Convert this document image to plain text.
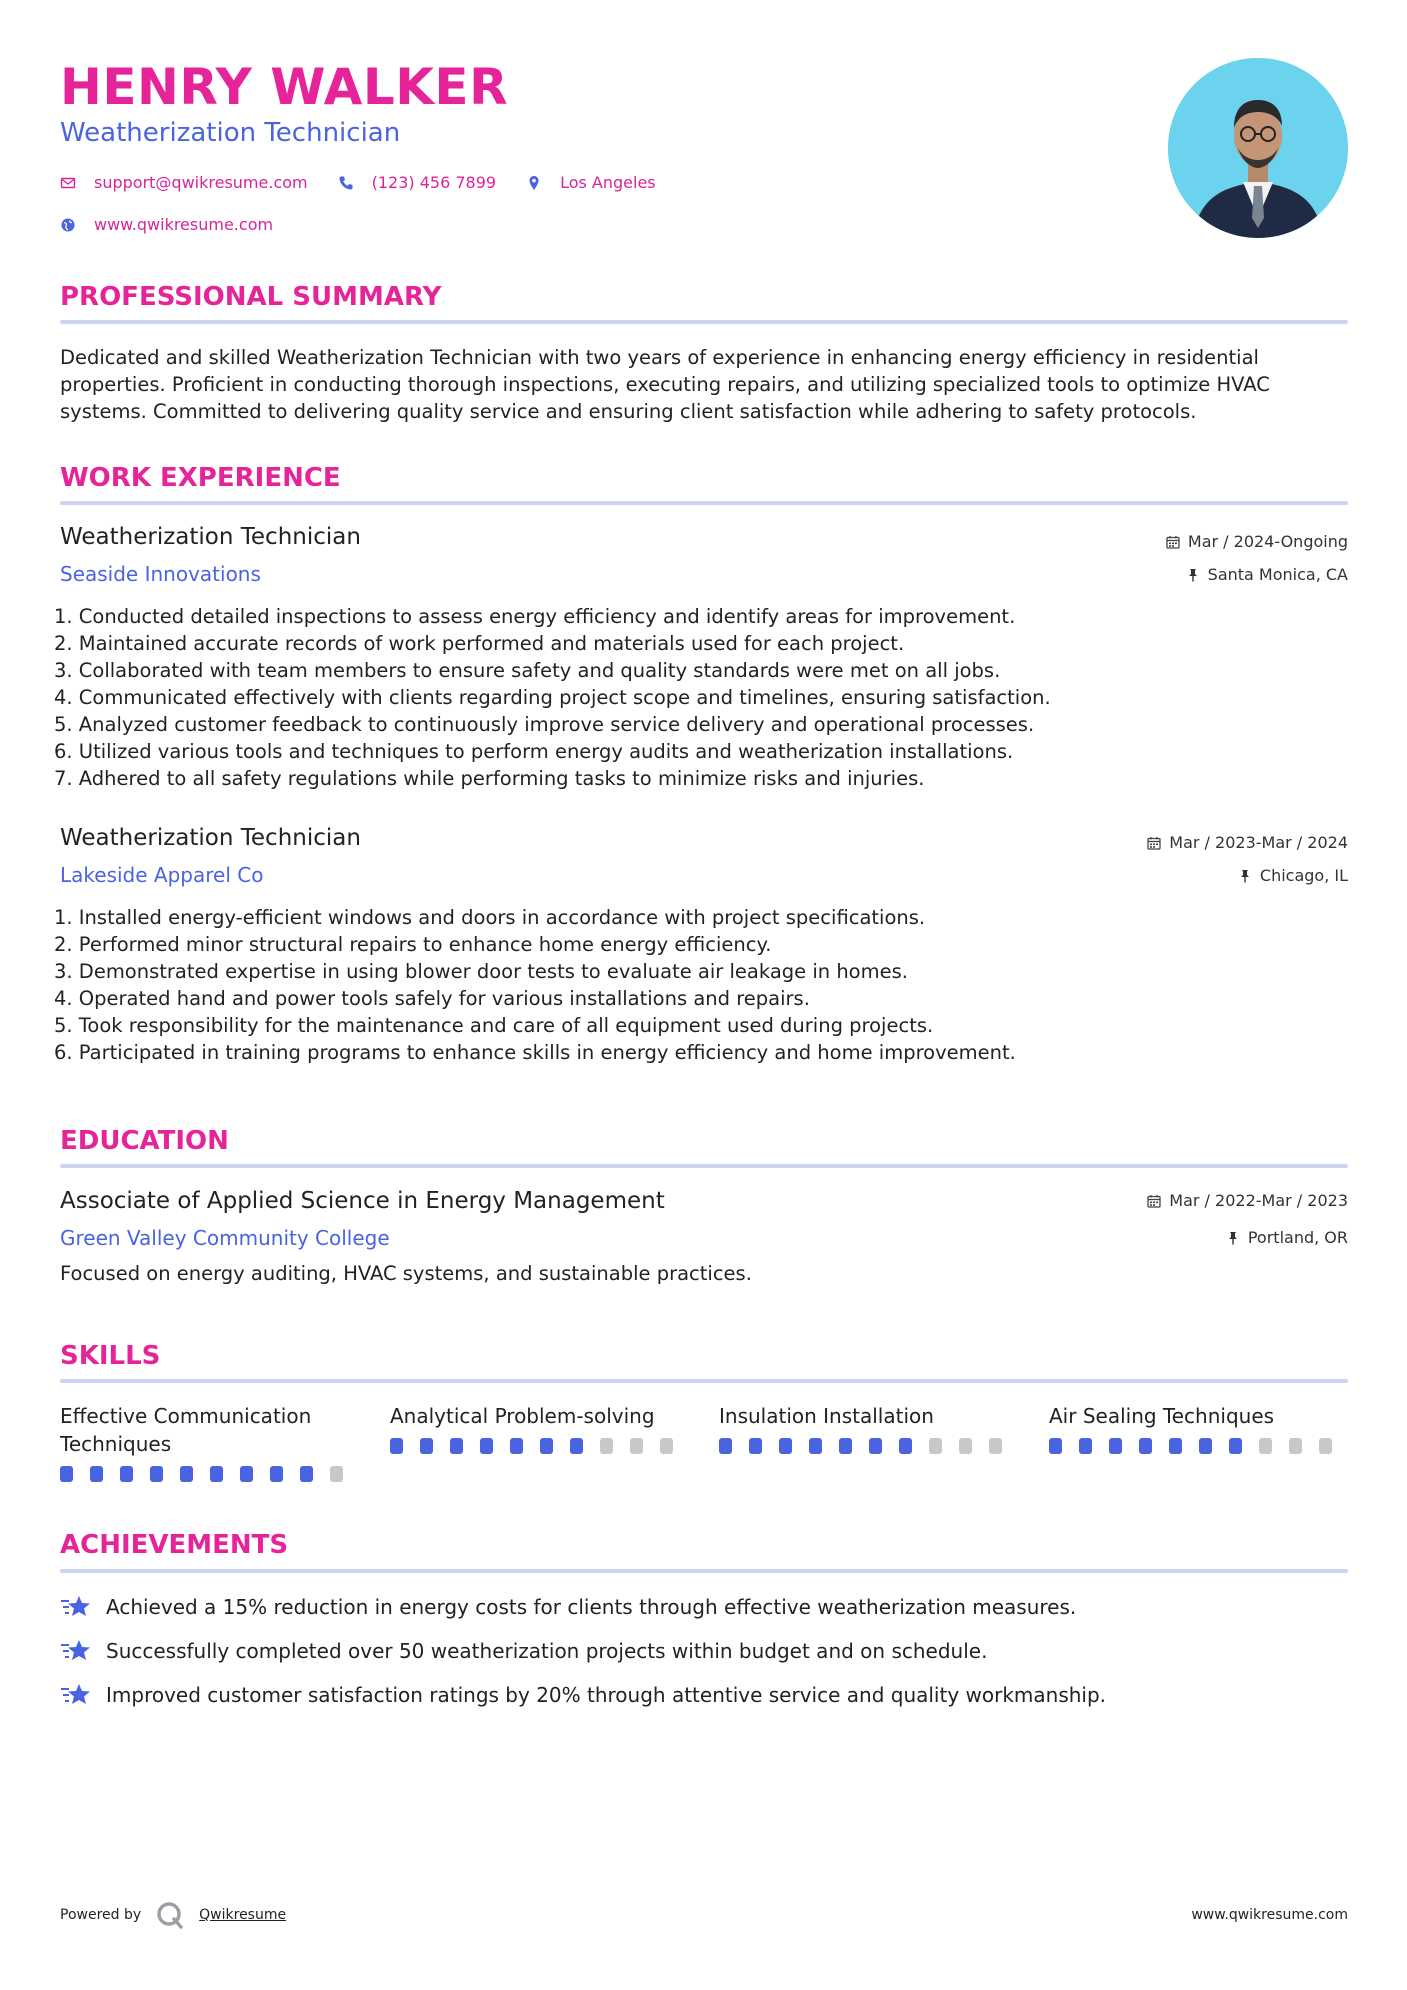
HENRY WALKER
Weatherization Technician
support@qwikresume.com	(123) 456 7899	Los Angeles
www.qwikresume.com
PROFESSIONAL SUMMARY
Dedicated and skilled Weatherization Technician with two years of experience in enhancing energy efficiency in residential properties. Proficient in conducting thorough inspections, executing repairs, and utilizing specialized tools to optimize HVAC systems. Committed to delivering quality service and ensuring client satisfaction while adhering to safety protocols.
WORK EXPERIENCE
Weatherization Technician
Seaside Innovations
Mar / 2024-Ongoing
Santa Monica, CA
1. Conducted detailed inspections to assess energy efficiency and identify areas for improvement.
2. Maintained accurate records of work performed and materials used for each project.
3. Collaborated with team members to ensure safety and quality standards were met on all jobs.
4. Communicated effectively with clients regarding project scope and timelines, ensuring satisfaction.
5. Analyzed customer feedback to continuously improve service delivery and operational processes.
6. Utilized various tools and techniques to perform energy audits and weatherization installations.
7. Adhered to all safety regulations while performing tasks to minimize risks and injuries.
Weatherization Technician
Lakeside Apparel Co
Mar / 2023-Mar / 2024
Chicago, IL
1. Installed energy-efficient windows and doors in accordance with project specifications.
2. Performed minor structural repairs to enhance home energy efficiency.
3. Demonstrated expertise in using blower door tests to evaluate air leakage in homes.
4. Operated hand and power tools safely for various installations and repairs.
5. Took responsibility for the maintenance and care of all equipment used during projects.
6. Participated in training programs to enhance skills in energy efficiency and home improvement.
EDUCATION
Associate of Applied Science in Energy Management
Green Valley Community College
Mar / 2022-Mar / 2023
Portland, OR
Focused on energy auditing, HVAC systems, and sustainable practices.
SKILLS
Effective Communication Techniques
Analytical Problem-solving	Insulation Installation	Air Sealing Techniques
ACHIEVEMENTS
Achieved a 15% reduction in energy costs for clients through effective weatherization measures.
Successfully completed over 50 weatherization projects within budget and on schedule.
Improved customer satisfaction ratings by 20% through attentive service and quality workmanship.
Powered by	Qwikresume	www.qwikresume.com
